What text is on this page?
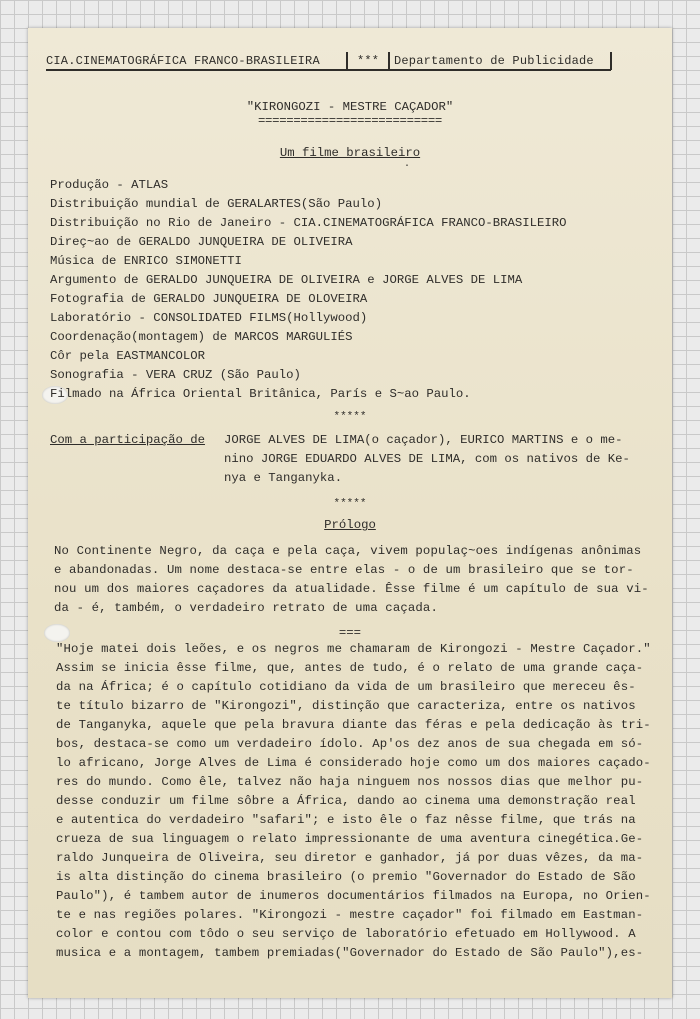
CIA.CINEMATOGRÁFICA FRANCO-BRASILEIRA	*** Departamento de Publicidade
"KIRONGOZI - MESTRE CAÇADOR"
==========================
Um filme brasileiro
.
Produção - ATLAS
Distribuição mundial de GERALARTES(São Paulo)
Distribuição no Rio de Janeiro - CIA.CINEMATOGRÁFICA FRANCO-BRASILEIRO
Direç~ao de GERALDO JUNQUEIRA DE OLIVEIRA
Música de ENRICO SIMONETTI
Argumento de GERALDO JUNQUEIRA DE OLIVEIRA e JORGE ALVES DE LIMA
Fotografia de GERALDO JUNQUEIRA DE OLOVEIRA
Laboratório - CONSOLIDATED FILMS(Hollywood)
Coordenação(montagem) de MARCOS MARGULIÉS
Côr pela EASTMANCOLOR
Sonografia - VERA CRUZ (São Paulo)
Filmado na África Oriental Britânica, París e S~ao Paulo.
*****
Com a participação de JORGE ALVES DE LIMA(o caçador), EURICO MARTINS e o me-
nino JORGE EDUARDO ALVES DE LIMA, com os nativos de Ke-
nya e Tanganyka.
*****
Prólogo
No Continente Negro, da caça e pela caça, vivem populaç~oes indígenas anônimas
e abandonadas. Um nome destaca-se entre elas - o de um brasileiro que se tor-
nou um dos maiores caçadores da atualidade. Êsse filme é um capítulo de sua vi-
da - é, também, o verdadeiro retrato de uma caçada.
===
"Hoje matei dois leões, e os negros me chamaram de Kirongozi - Mestre Caçador."
Assim se inicia êsse filme, que, antes de tudo, é o relato de uma grande caça-
da na África; é o capítulo cotidiano da vida de um brasileiro que mereceu ês-
te título bizarro de "Kirongozi", distinção que caracteriza, entre os nativos
de Tanganyka, aquele que pela bravura diante das féras e pela dedicação às tri-
bos, destaca-se como um verdadeiro ídolo. Ap'os dez anos de sua chegada em só-
lo africano, Jorge Alves de Lima é considerado hoje como um dos maiores caçado-
res do mundo. Como êle, talvez não haja ninguem nos nossos dias que melhor pu-
desse conduzir um filme sôbre a África, dando ao cinema uma demonstração real
e autentica do verdadeiro "safari"; e isto êle o faz nêsse filme, que trás na
crueza de sua linguagem o relato impressionante de uma aventura cinegética.Ge-
raldo Junqueira de Oliveira, seu diretor e ganhador, já por duas vêzes, da ma-
is alta distinção do cinema brasileiro (o premio "Governador do Estado de São
Paulo"), é tambem autor de inumeros documentários filmados na Europa, no Orien-
te e nas regiões polares. "Kirongozi - mestre caçador" foi filmado em Eastman-
color e contou com tôdo o seu serviço de laboratório efetuado em Hollywood. A
musica e a montagem, tambem premiadas("Governador do Estado de São Paulo"),es-
